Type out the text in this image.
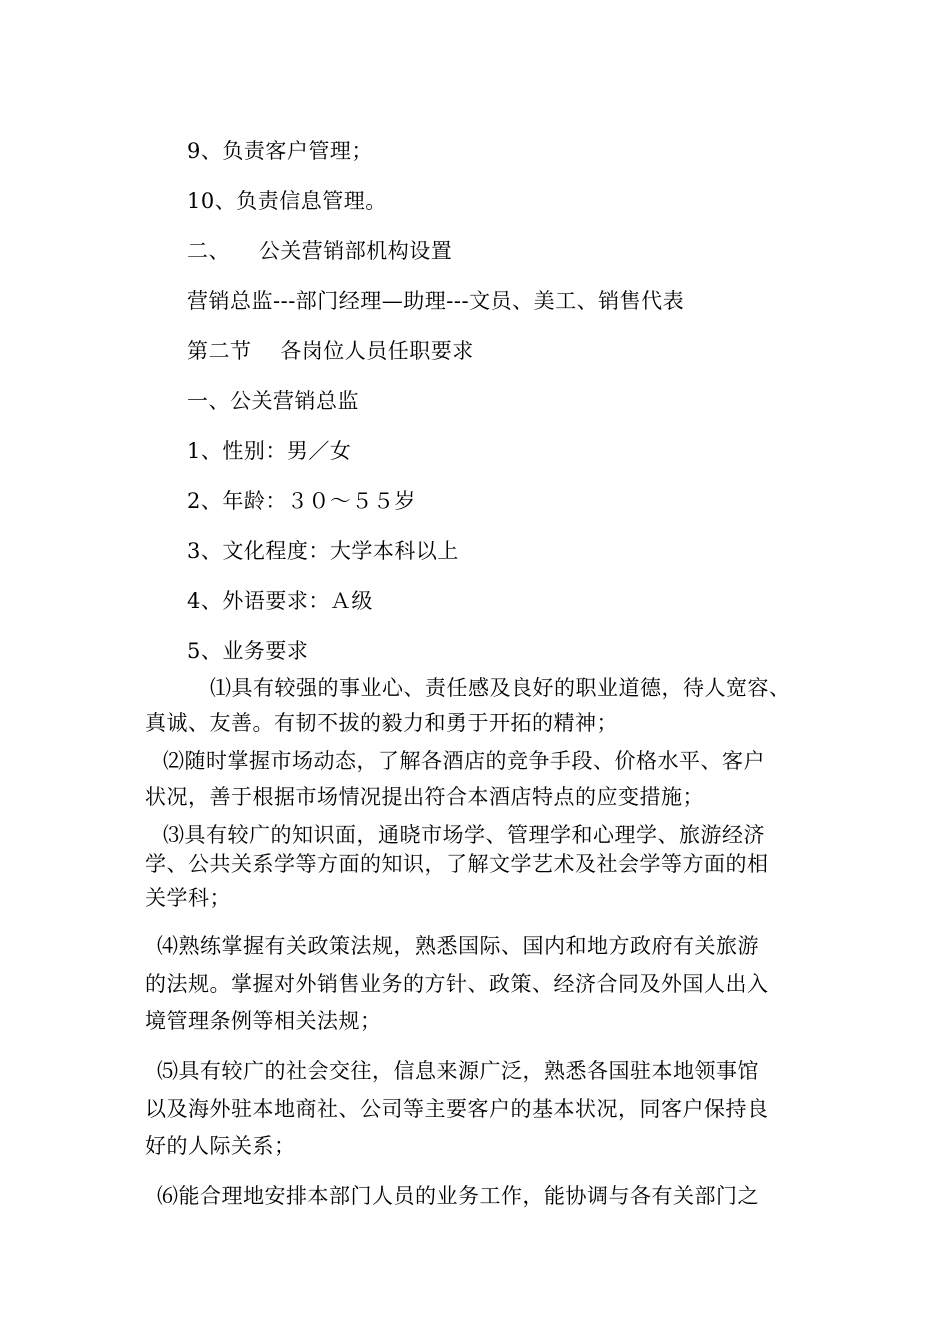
9、负责客户管理；
10、负责信息管理。
二、    公关营销部机构设置
营销总监---部门经理—助理---文员、美工、销售代表
第二节    各岗位人员任职要求
一、公关营销总监
1、性别：男／女
2、年龄：３０～５５岁
3、文化程度：大学本科以上
4、外语要求：Ａ级
5、业务要求
⑴具有较强的事业心、责任感及良好的职业道德，待人宽容、
真诚、友善。有韧不拔的毅力和勇于开拓的精神；
⑵随时掌握市场动态，了解各酒店的竞争手段、价格水平、客户
状况，善于根据市场情况提出符合本酒店特点的应变措施；
⑶具有较广的知识面，通晓市场学、管理学和心理学、旅游经济
学、公共关系学等方面的知识，了解文学艺术及社会学等方面的相
关学科；
⑷熟练掌握有关政策法规，熟悉国际、国内和地方政府有关旅游
的法规。掌握对外销售业务的方针、政策、经济合同及外国人出入
境管理条例等相关法规；
⑸具有较广的社会交往，信息来源广泛，熟悉各国驻本地领事馆
以及海外驻本地商社、公司等主要客户的基本状况，同客户保持良
好的人际关系；
⑹能合理地安排本部门人员的业务工作，能协调与各有关部门之
